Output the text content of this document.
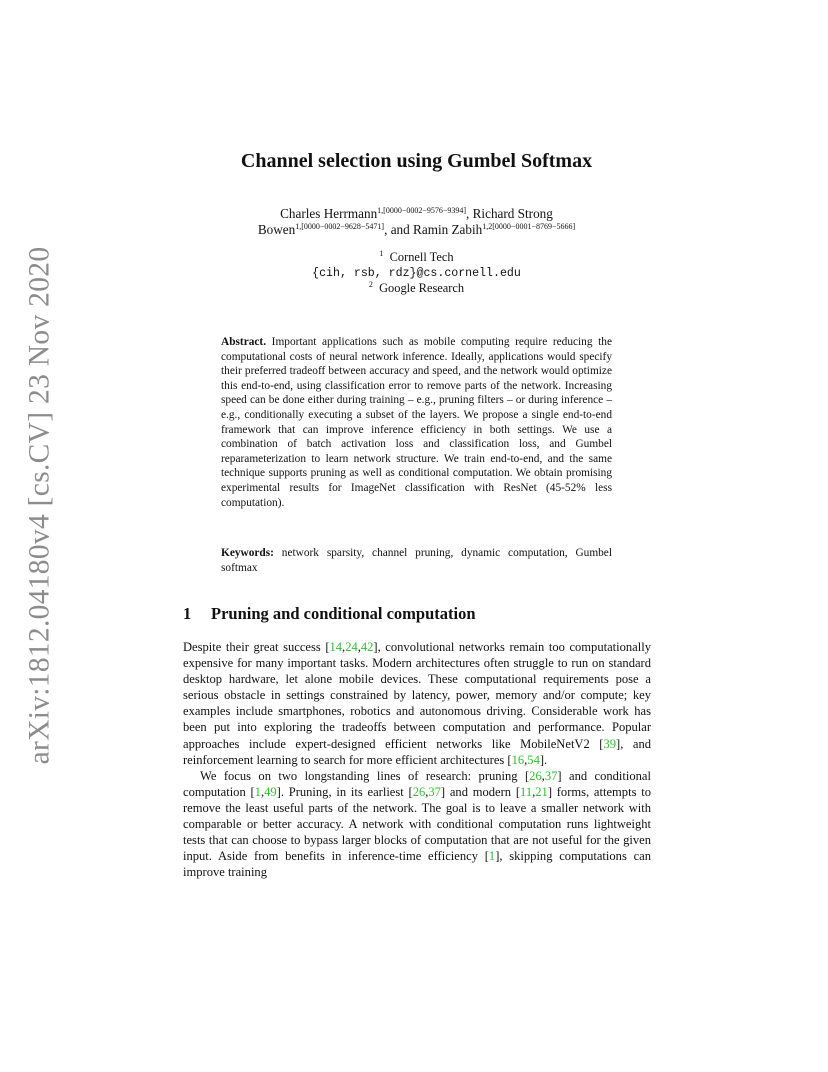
arXiv:1812.04180v4 [cs.CV] 23 Nov 2020
Channel selection using Gumbel Softmax
Charles Herrmann$^{1,[0000-0002-9576-9394]}$, Richard Strong
Bowen$^{1,[0000-0002-9628-5471]}$, and Ramin Zabih$^{1,2[0000-0001-8769-5666]}$
$^1$ Cornell Tech
{cih, rsb, rdz}@cs.cornell.edu
$^2$ Google Research
Abstract. Important applications such as mobile computing require reducing the computational costs of neural network inference. Ideally, applications would specify their preferred tradeoff between accuracy and speed, and the network would optimize this end-to-end, using classification error to remove parts of the network. Increasing speed can be done either during training – e.g., pruning filters – or during inference – e.g., conditionally executing a subset of the layers. We propose a single end-to-end framework that can improve inference efficiency in both settings. We use a combination of batch activation loss and classification loss, and Gumbel reparameterization to learn network structure. We train end-to-end, and the same technique supports pruning as well as conditional computation. We obtain promising experimental results for ImageNet classification with ResNet (45-52% less computation).
Keywords: network sparsity, channel pruning, dynamic computation, Gumbel softmax
1 Pruning and conditional computation

Despite their great success [14,24,42], convolutional networks remain too computationally expensive for many important tasks. Modern architectures often struggle to run on standard desktop hardware, let alone mobile devices. These computational requirements pose a serious obstacle in settings constrained by latency, power, memory and/or compute; key examples include smartphones, robotics and autonomous driving. Considerable work has been put into exploring the tradeoffs between computation and performance. Popular approaches include expert-designed efficient networks like MobileNetV2 [39], and reinforcement learning to search for more efficient architectures [16,54].

We focus on two longstanding lines of research: pruning [26,37] and conditional computation [1,49]. Pruning, in its earliest [26,37] and modern [11,21] forms, attempts to remove the least useful parts of the network. The goal is to leave a smaller network with comparable or better accuracy. A network with conditional computation runs lightweight tests that can choose to bypass larger blocks of computation that are not useful for the given input. Aside from benefits in inference-time efficiency [1], skipping computations can improve training
